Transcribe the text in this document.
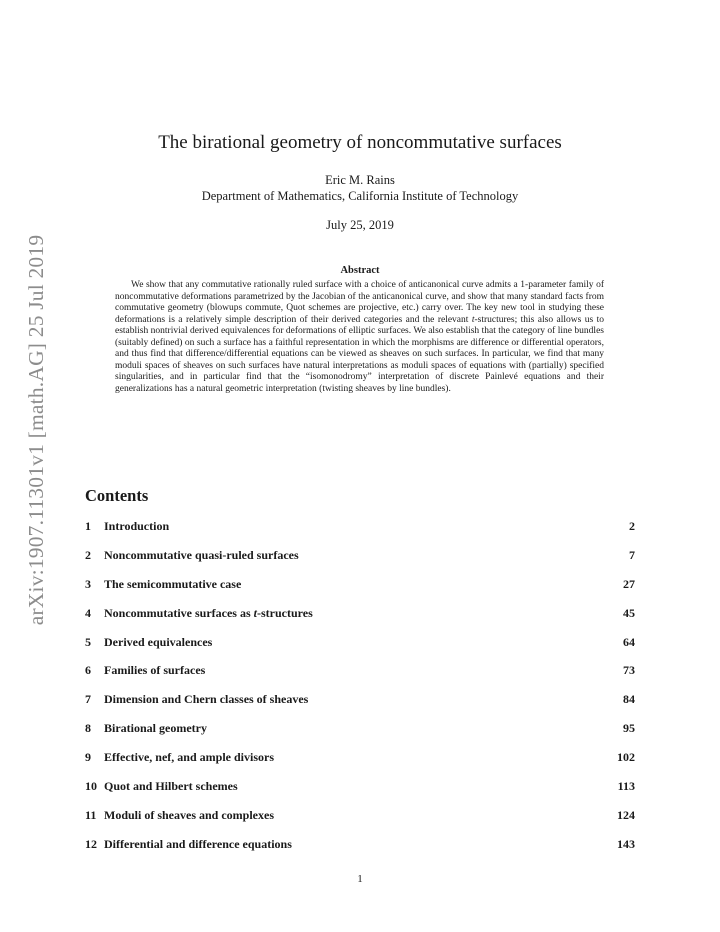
arXiv:1907.11301v1 [math.AG] 25 Jul 2019
The birational geometry of noncommutative surfaces
Eric M. Rains
Department of Mathematics, California Institute of Technology
July 25, 2019
Abstract

We show that any commutative rationally ruled surface with a choice of anticanonical curve admits a 1-parameter family of noncommutative deformations parametrized by the Jacobian of the anticanonical curve, and show that many standard facts from commutative geometry (blowups commute, Quot schemes are projective, etc.) carry over. The key new tool in studying these deformations is a relatively simple description of their derived categories and the relevant t-structures; this also allows us to establish nontrivial derived equivalences for deformations of elliptic surfaces. We also establish that the category of line bundles (suitably defined) on such a surface has a faithful representation in which the morphisms are difference or differential operators, and thus find that difference/differential equations can be viewed as sheaves on such surfaces. In particular, we find that many moduli spaces of sheaves on such surfaces have natural interpretations as moduli spaces of equations with (partially) specified singularities, and in particular find that the “isomonodromy” interpretation of discrete Painlevé equations and their generalizations has a natural geometric interpretation (twisting sheaves by line bundles).

Contents
1 Introduction	2
2 Noncommutative quasi-ruled surfaces	7
3 The semicommutative case	27
4 Noncommutative surfaces as t-structures	45
5 Derived equivalences	64
6 Families of surfaces	73
7 Dimension and Chern classes of sheaves	84
8 Birational geometry	95
9 Effective, nef, and ample divisors	102
10 Quot and Hilbert schemes	113
11 Moduli of sheaves and complexes	124
12 Differential and difference equations	143
1
